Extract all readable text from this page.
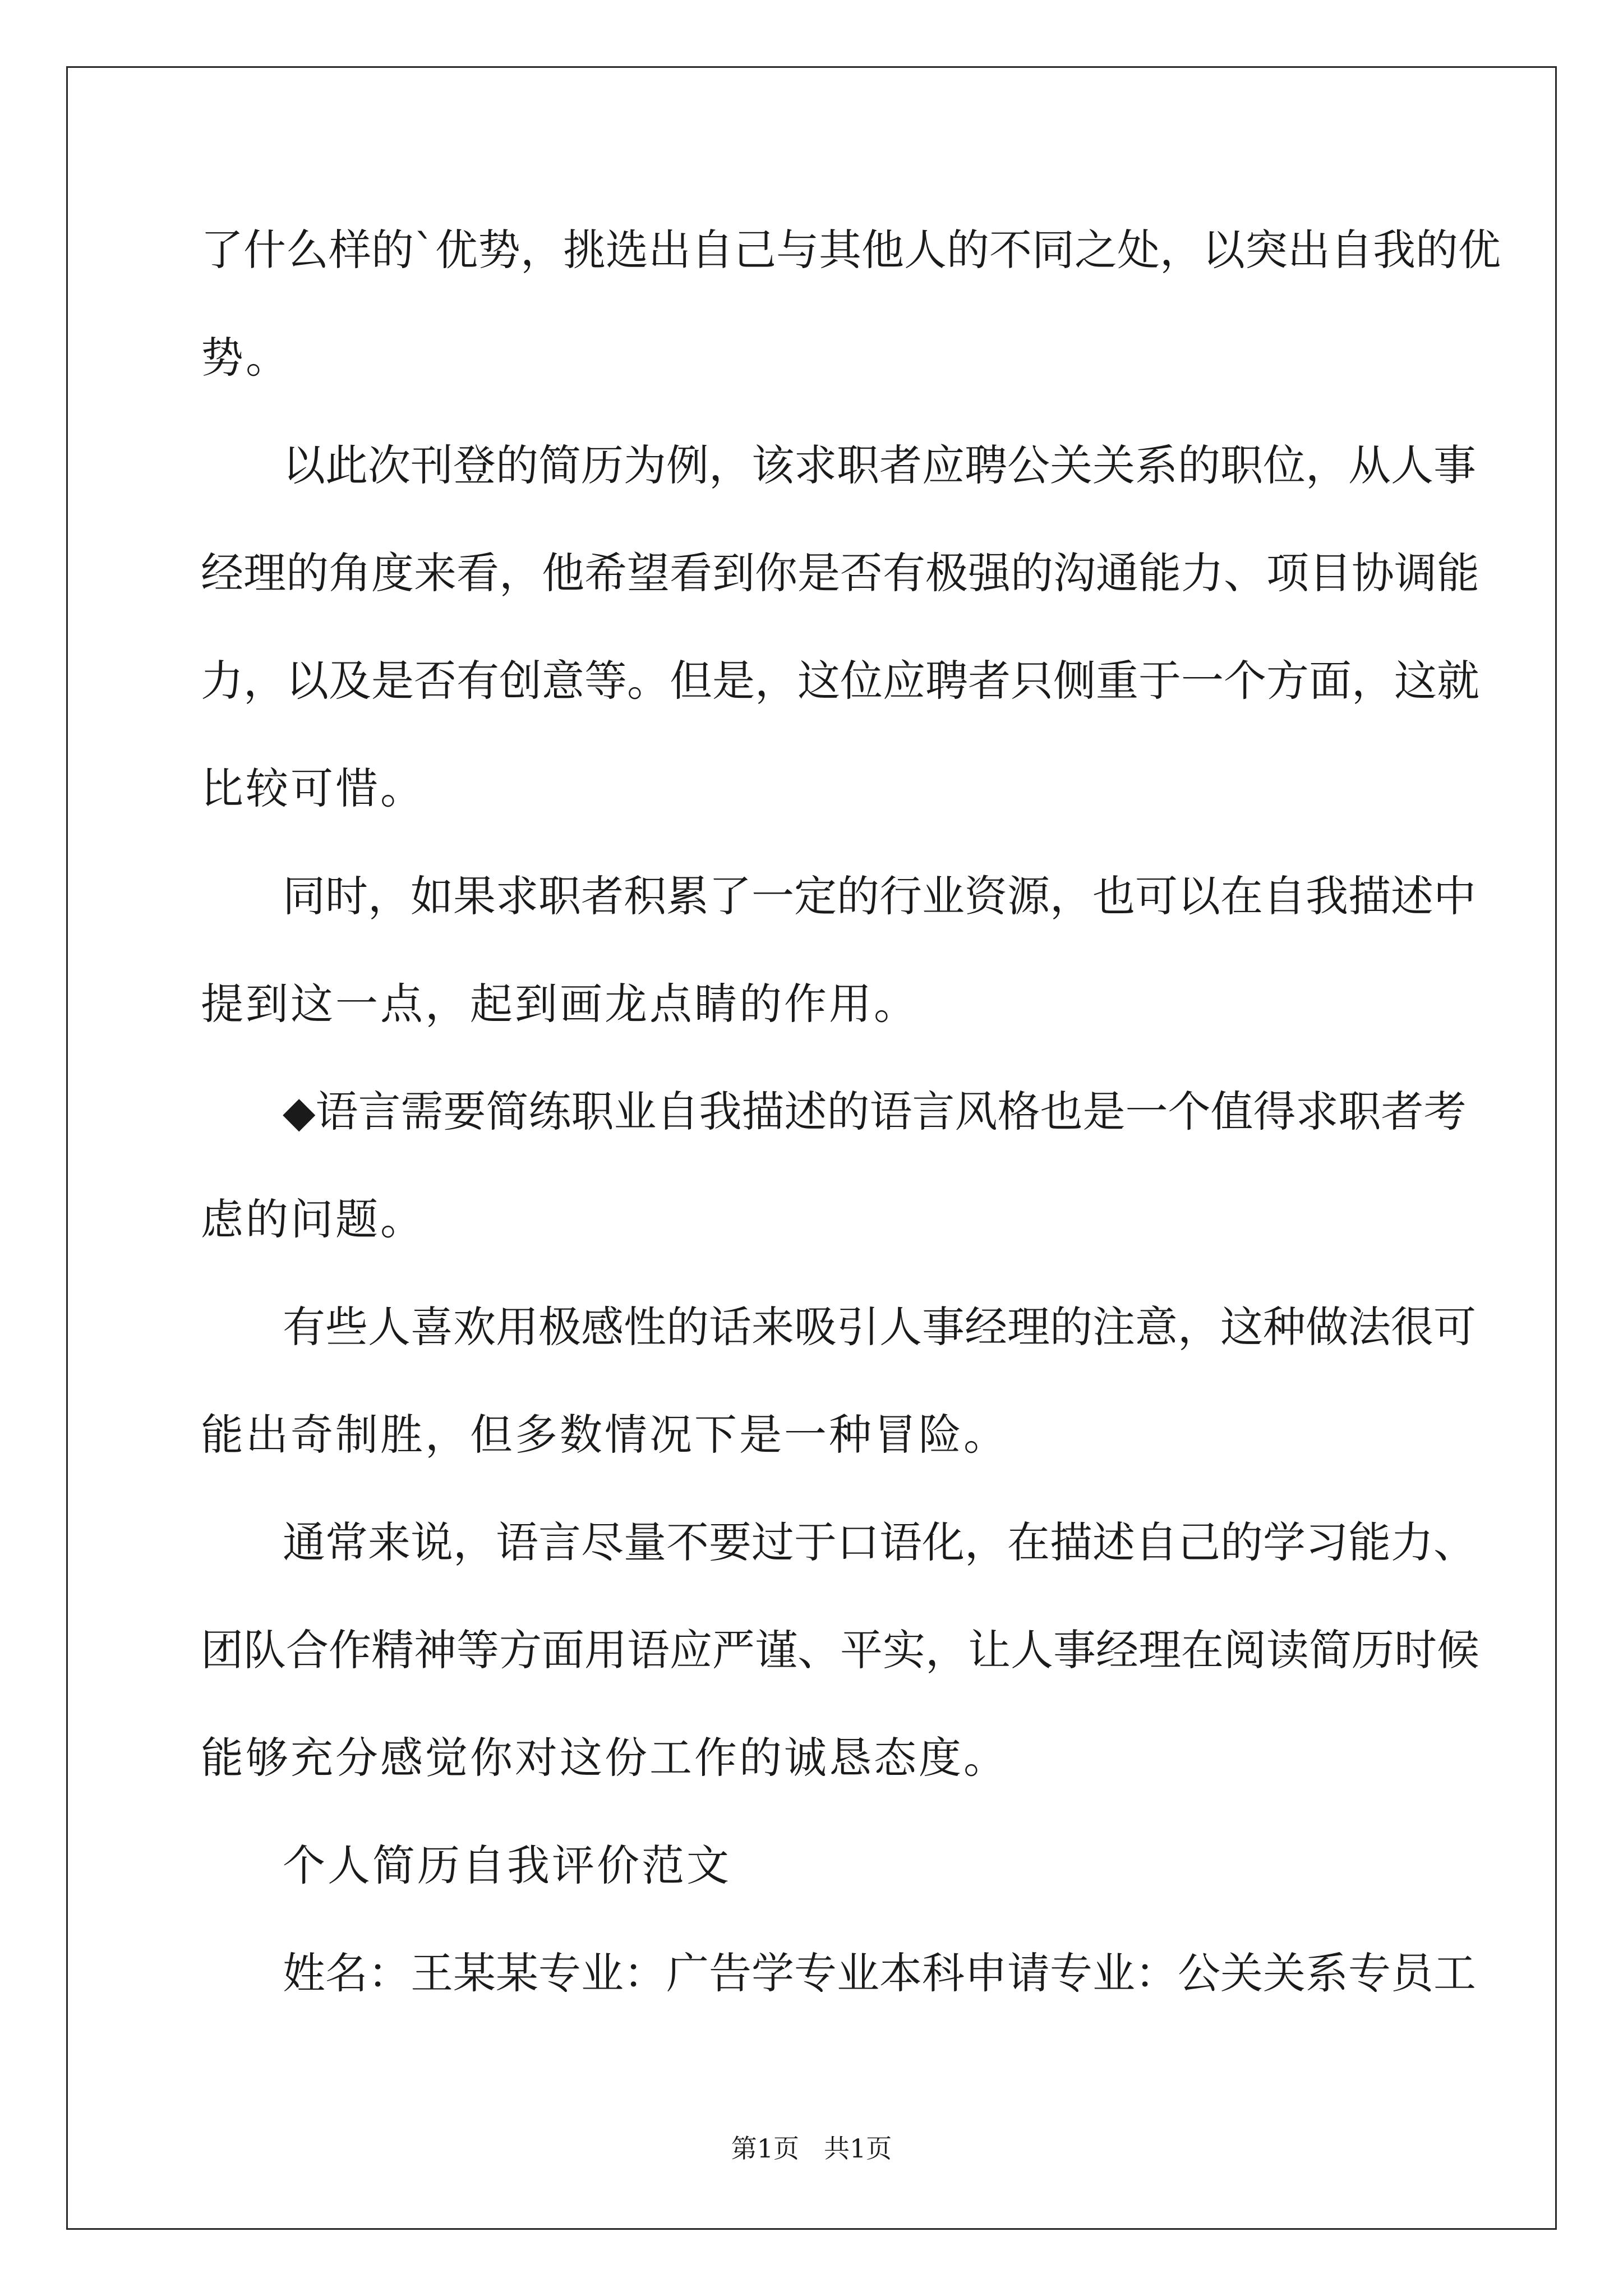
了什么样的`优势，挑选出自己与其他人的不同之处，以突出自我的优

势。

以此次刊登的简历为例，该求职者应聘公关关系的职位，从人事

经理的角度来看，他希望看到你是否有极强的沟通能力、项目协调能

力，以及是否有创意等。但是，这位应聘者只侧重于一个方面，这就

比较可惜。

同时，如果求职者积累了一定的行业资源，也可以在自我描述中

提到这一点，起到画龙点睛的作用。

◆语言需要简练职业自我描述的语言风格也是一个值得求职者考

虑的问题。

有些人喜欢用极感性的话来吸引人事经理的注意，这种做法很可

能出奇制胜，但多数情况下是一种冒险。

通常来说，语言尽量不要过于口语化，在描述自己的学习能力、

团队合作精神等方面用语应严谨、平实，让人事经理在阅读简历时候

能够充分感觉你对这份工作的诚恳态度。

个人简历自我评价范文

姓名：王某某专业：广告学专业本科申请专业：公关关系专员工

第1页 共1页
